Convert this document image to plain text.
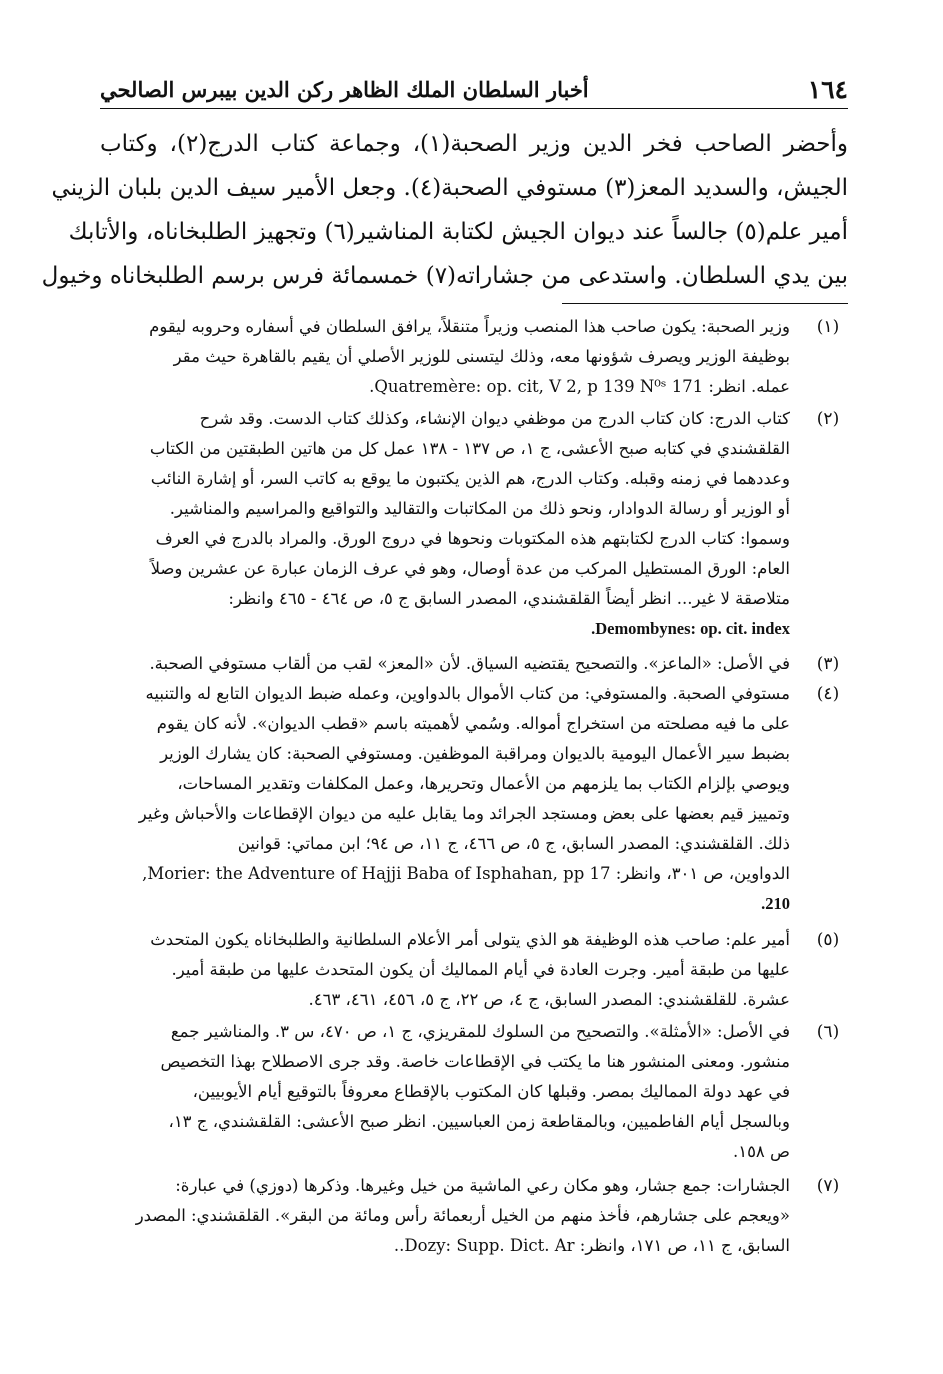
١٦٤
أخبار السلطان الملك الظاهر ركن الدين بيبرس الصالحي
وأحضر الصاحب فخر الدين وزير الصحبة(١)، وجماعة كتاب الدرج(٢)، وكتاب
الجيش، والسديد المعز(٣) مستوفي الصحبة(٤). وجعل الأمير سيف الدين بلبان الزيني
أمير علم(٥) جالساً عند ديوان الجيش لكتابة المناشير(٦) وتجهيز الطلبخاناه، والأتابك
بين يدي السلطان. واستدعى من جشاراته(٧) خمسمائة فرس برسم الطلبخاناه وخيول
(١)
وزير الصحبة: يكون صاحب هذا المنصب وزيراً متنقلاً، يرافق السلطان في أسفاره وحروبه ليقوم
بوظيفة الوزير ويصرف شؤونها معه، وذلك ليتسنى للوزير الأصلي أن يقيم بالقاهرة حيث مقر
عمله. انظر: Quatremère: op. cit, V 2, p 139 N⁰ˢ 171.
(٢)
كتاب الدرج: كان كتاب الدرج من موظفي ديوان الإنشاء، وكذلك كتاب الدست. وقد شرح
القلقشندي في كتابه صبح الأعشى، ج ١، ص ١٣٧ - ١٣٨ عمل كل من هاتين الطبقتين من الكتاب
وعددهما في زمنه وقبله. وكتاب الدرج، هم الذين يكتبون ما يوقع به كاتب السر، أو إشارة النائب
أو الوزير أو رسالة الدوادار، ونحو ذلك من المكاتبات والتقاليد والتواقيع والمراسيم والمناشير.
وسموا: كتاب الدرج لكتابتهم هذه المكتوبات ونحوها في دروج الورق. والمراد بالدرج في العرف
العام: الورق المستطيل المركب من عدة أوصال، وهو في عرف الزمان عبارة عن عشرين وصلاً
متلاصقة لا غير... انظر أيضاً القلقشندي، المصدر السابق ج ٥، ص ٤٦٤ - ٤٦٥ وانظر:
Demombynes: op. cit. index.
(٣)
في الأصل: «الماعز». والتصحيح يقتضيه السياق. لأن «المعز» لقب من ألقاب مستوفي الصحبة.
(٤)
مستوفي الصحبة. والمستوفي: من كتاب الأموال بالدواوين، وعمله ضبط الديوان التابع له والتنبيه
على ما فيه مصلحته من استخراج أمواله. وسُمي لأهميته باسم «قطب الديوان». لأنه كان يقوم
بضبط سير الأعمال اليومية بالديوان ومراقبة الموظفين. ومستوفي الصحبة: كان يشارك الوزير
ويوصي بإلزام الكتاب بما يلزمهم من الأعمال وتحريرها، وعمل المكلفات وتقدير المساحات،
وتمييز قيم بعضها على بعض ومستجد الجرائد وما يقابل عليه من ديوان الإقطاعات والأحباش وغير
ذلك. القلقشندي: المصدر السابق، ج ٥، ص ٤٦٦، ج ١١، ص ٩٤؛ ابن مماتي: قوانين
الدواوين، ص ٣٠١، وانظر: Morier: the Adventure of Hajji Baba of Isphahan, pp 17,
210.
(٥)
أمير علم: صاحب هذه الوظيفة هو الذي يتولى أمر الأعلام السلطانية والطلبخاناه يكون المتحدث
عليها من طبقة أمير. وجرت العادة في أيام المماليك أن يكون المتحدث عليها من طبقة أمير.
عشرة. للقلقشندي: المصدر السابق، ج ٤، ص ٢٢، ج ٥، ٤٥٦، ٤٦١، ٤٦٣.
(٦)
في الأصل: «الأمثلة». والتصحيح من السلوك للمقريزي، ج ١، ص ٤٧٠، س ٣. والمناشير جمع
منشور. ومعنى المنشور هنا ما يكتب في الإقطاعات خاصة. وقد جرى الاصطلاح بهذا التخصيص
في عهد دولة المماليك بمصر. وقبلها كان المكتوب بالإقطاع معروفاً بالتوقيع أيام الأيوبيين،
وبالسجل أيام الفاطميين، وبالمقاطعة زمن العباسيين. انظر صبح الأعشى: القلقشندي، ج ١٣،
ص ١٥٨.
(٧)
الجشارات: جمع جشار، وهو مكان رعي الماشية من خيل وغيرها. وذكرها (دوزي) في عبارة:
«ويعجم على جشارهم، فأخذ منهم من الخيل أربعمائة رأس ومائة من البقر». القلقشندي: المصدر
السابق، ج ١١، ص ١٧١، وانظر: Dozy: Supp. Dict. Ar..
